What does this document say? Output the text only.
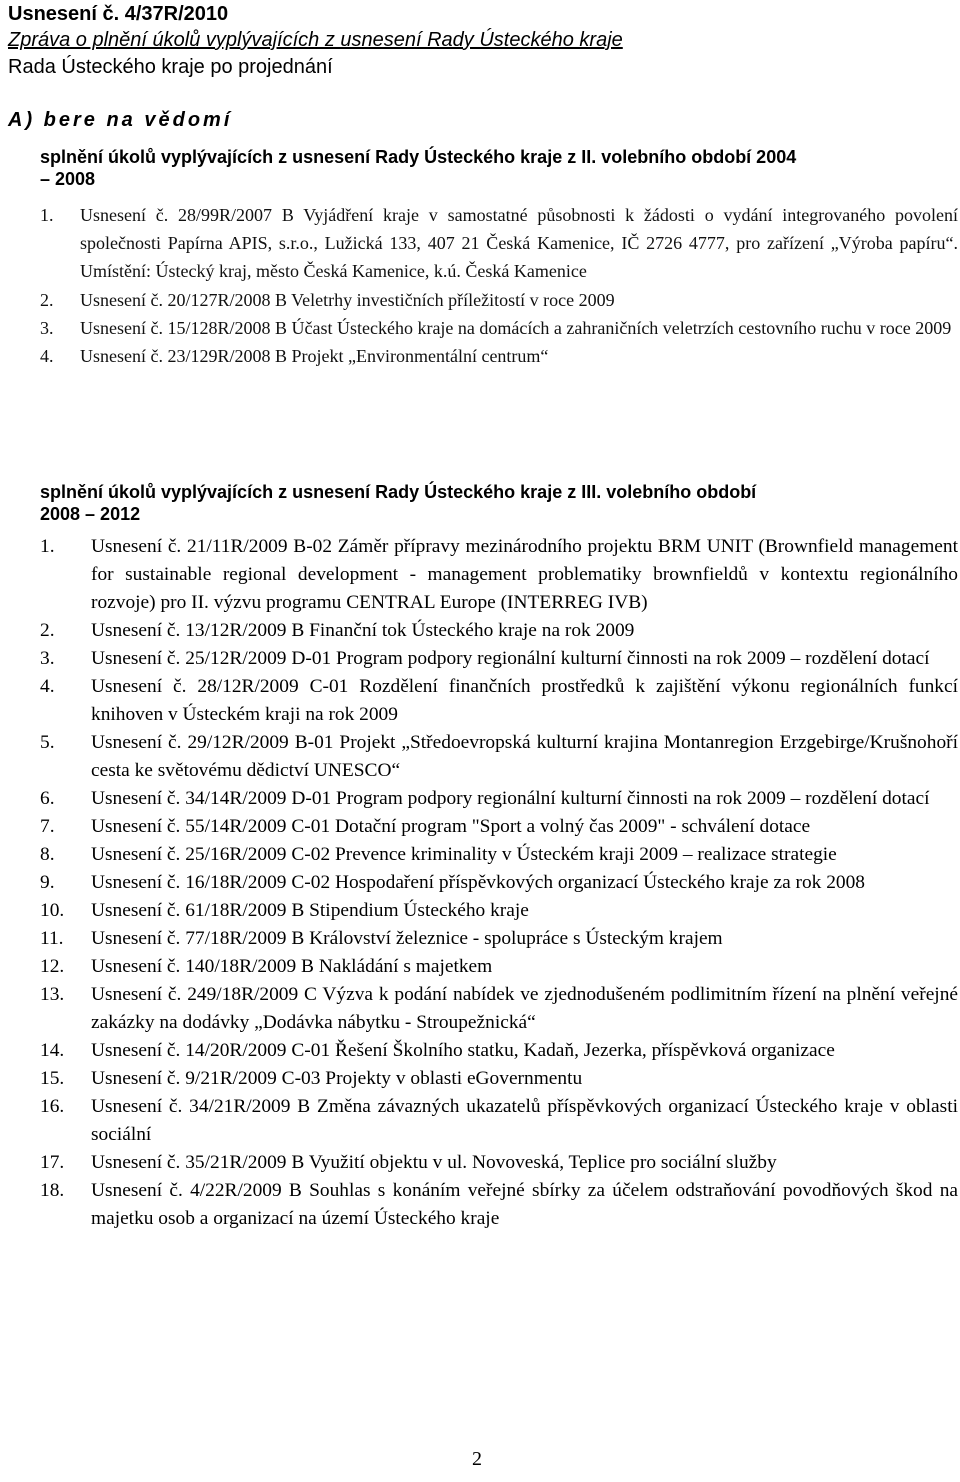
Usnesení č. 4/37R/2010
Zpráva o plnění úkolů vyplývajících z usnesení Rady Ústeckého kraje
Rada Ústeckého kraje po projednání
A) bere na vědomí
splnění úkolů vyplývajících z usnesení Rady Ústeckého kraje z II. volebního období 2004
– 2008
1. Usnesení č. 28/99R/2007 B Vyjádření kraje v samostatné působnosti k žádosti o vydání integrovaného povolení společnosti Papírna APIS, s.r.o., Lužická 133, 407 21 Česká Kamenice, IČ 2726 4777, pro zařízení „Výroba papíru“. Umístění: Ústecký kraj, město Česká Kamenice, k.ú. Česká Kamenice
2. Usnesení č. 20/127R/2008 B Veletrhy investičních příležitostí v roce 2009
3. Usnesení č. 15/128R/2008 B Účast Ústeckého kraje na domácích a zahraničních veletrzích cestovního ruchu v roce 2009
4. Usnesení č. 23/129R/2008 B Projekt „Environmentální centrum“
splnění úkolů vyplývajících z usnesení Rady Ústeckého kraje z III. volebního období
2008 – 2012
1. Usnesení č. 21/11R/2009 B-02 Záměr přípravy mezinárodního projektu BRM UNIT (Brownfield management for sustainable regional development - management problematiky brownfieldů v kontextu regionálního rozvoje) pro II. výzvu programu CENTRAL Europe (INTERREG IVB)
2. Usnesení č. 13/12R/2009 B Finanční tok Ústeckého kraje na rok 2009
3. Usnesení č. 25/12R/2009 D-01 Program podpory regionální kulturní činnosti na rok 2009 – rozdělení dotací
4. Usnesení č. 28/12R/2009 C-01 Rozdělení finančních prostředků k zajištění výkonu regionálních funkcí knihoven v Ústeckém kraji na rok 2009
5. Usnesení č. 29/12R/2009 B-01 Projekt „Středoevropská kulturní krajina Montanregion Erzgebirge/Krušnohoří cesta ke světovému dědictví UNESCO“
6. Usnesení č. 34/14R/2009 D-01 Program podpory regionální kulturní činnosti na rok 2009 – rozdělení dotací
7. Usnesení č. 55/14R/2009 C-01 Dotační program "Sport a volný čas 2009" - schválení dotace
8. Usnesení č. 25/16R/2009 C-02 Prevence kriminality v Ústeckém kraji 2009 – realizace strategie
9. Usnesení č. 16/18R/2009 C-02 Hospodaření příspěvkových organizací Ústeckého kraje za rok 2008
10. Usnesení č. 61/18R/2009 B Stipendium Ústeckého kraje
11. Usnesení č. 77/18R/2009 B Království železnice - spolupráce s Ústeckým krajem
12. Usnesení č. 140/18R/2009 B Nakládání s majetkem
13. Usnesení č. 249/18R/2009 C Výzva k podání nabídek ve zjednodušeném podlimitním řízení na plnění veřejné zakázky na dodávky „Dodávka nábytku - Stroupežnická“
14. Usnesení č. 14/20R/2009 C-01 Řešení Školního statku, Kadaň, Jezerka, příspěvková organizace
15. Usnesení č. 9/21R/2009 C-03 Projekty v oblasti eGovernmentu
16. Usnesení č. 34/21R/2009 B Změna závazných ukazatelů příspěvkových organizací Ústeckého kraje v oblasti sociální
17. Usnesení č. 35/21R/2009 B Využití objektu v ul. Novoveská, Teplice pro sociální služby
18. Usnesení č. 4/22R/2009 B Souhlas s konáním veřejné sbírky za účelem odstraňování povodňových škod na majetku osob a organizací na území Ústeckého kraje
2
